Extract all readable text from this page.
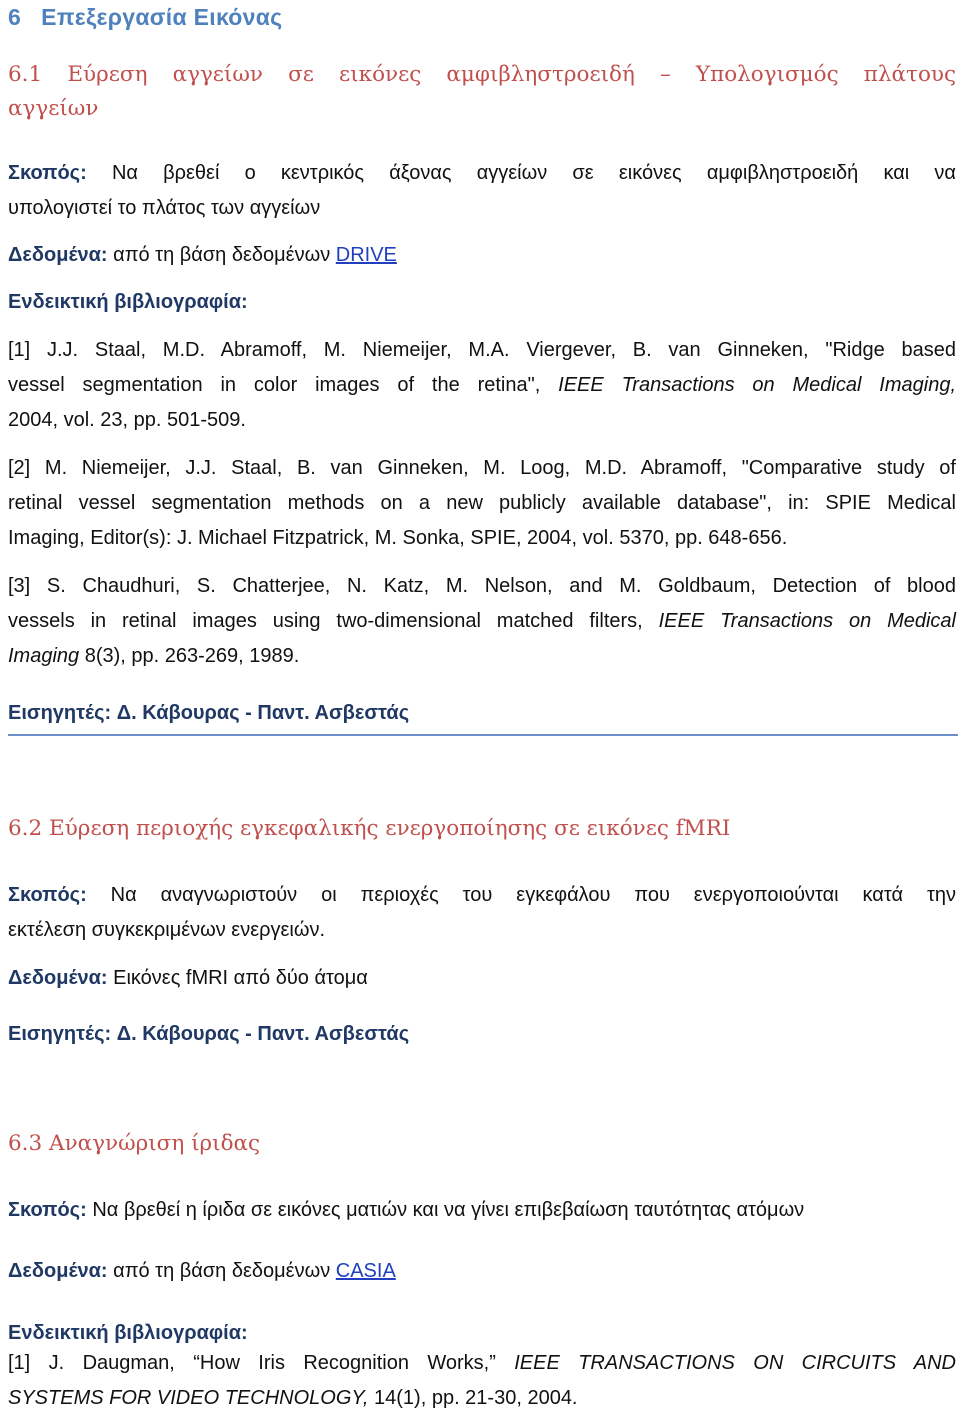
6 Επεξεργασία Εικόνας
6.1 Εύρεση αγγείων σε εικόνες αμφιβληστροειδή – Υπολογισμός πλάτους
αγγείων
Σκοπός: Να βρεθεί ο κεντρικός άξονας αγγείων σε εικόνες αμφιβληστροειδή και να
υπολογιστεί το πλάτος των αγγείων
Δεδομένα: από τη βάση δεδομένων DRIVE
Ενδεικτική βιβλιογραφία:
[1] J.J. Staal, M.D. Abramoff, M. Niemeijer, M.A. Viergever, B. van Ginneken, "Ridge based
vessel segmentation in color images of the retina", IEEE Transactions on Medical Imaging,
2004, vol. 23, pp. 501-509.
[2] M. Niemeijer, J.J. Staal, B. van Ginneken, M. Loog, M.D. Abramoff, "Comparative study of
retinal vessel segmentation methods on a new publicly available database", in: SPIE Medical
Imaging, Editor(s): J. Michael Fitzpatrick, M. Sonka, SPIE, 2004, vol. 5370, pp. 648-656.
[3] S. Chaudhuri, S. Chatterjee, N. Katz, M. Nelson, and M. Goldbaum, Detection of blood
vessels in retinal images using two-dimensional matched filters, IEEE Transactions on Medical
Imaging 8(3), pp. 263-269, 1989.
Εισηγητές: Δ. Κάβουρας - Παντ. Ασβεστάς
6.2 Εύρεση περιοχής εγκεφαλικής ενεργοποίησης σε εικόνες fMRI
Σκοπός: Να αναγνωριστούν οι περιοχές του εγκεφάλου που ενεργοποιούνται κατά την
εκτέλεση συγκεκριμένων ενεργειών.
Δεδομένα: Εικόνες fMRI από δύο άτομα
Εισηγητές: Δ. Κάβουρας - Παντ. Ασβεστάς
6.3 Αναγνώριση ίριδας
Σκοπός: Να βρεθεί η ίριδα σε εικόνες ματιών και να γίνει επιβεβαίωση ταυτότητας ατόμων
Δεδομένα: από τη βάση δεδομένων CASIA
Ενδεικτική βιβλιογραφία:
[1] J. Daugman, “How Iris Recognition Works,” IEEE TRANSACTIONS ON CIRCUITS AND
SYSTEMS FOR VIDEO TECHNOLOGY, 14(1), pp. 21-30, 2004.
